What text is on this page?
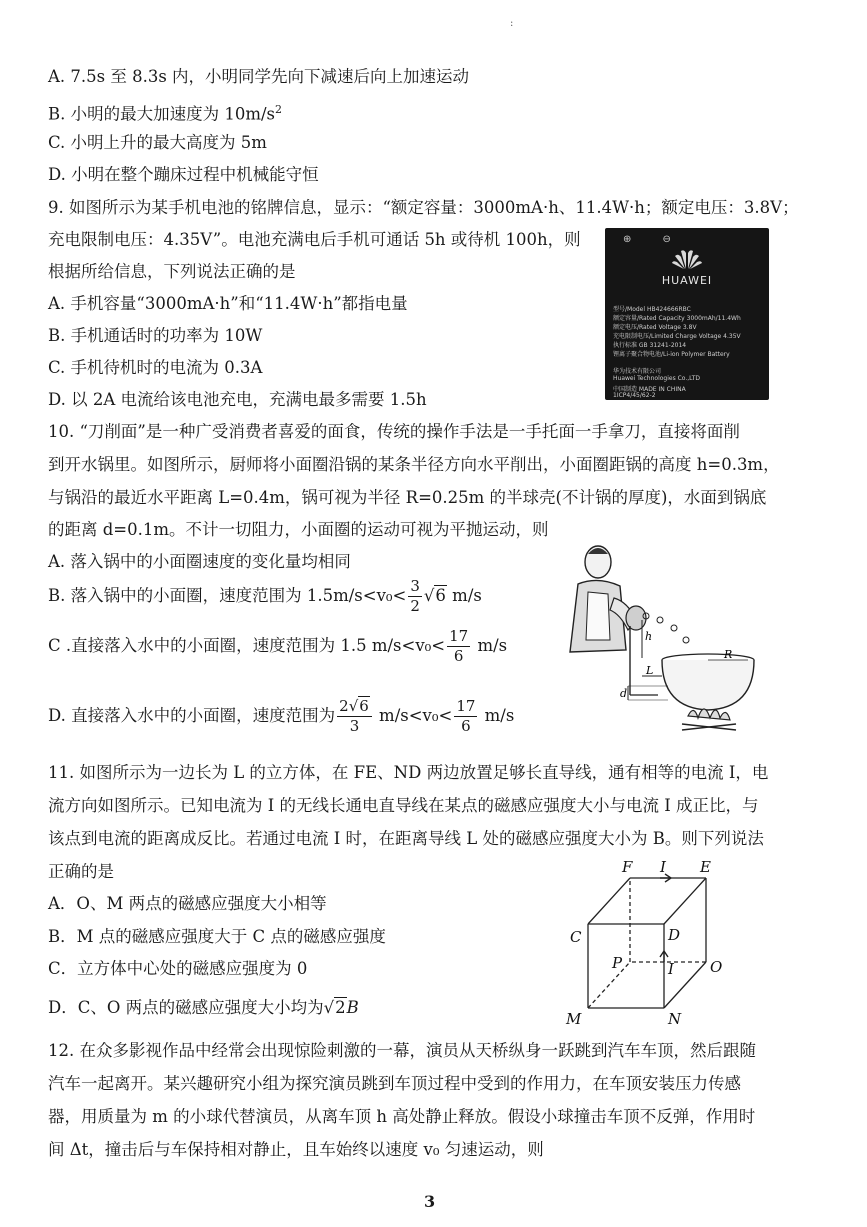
:
A. 7.5s 至 8.3s 内，小明同学先向下减速后向上加速运动
B. 小明的最大加速度为 $10m/s^2$
C. 小明上升的最大高度为 5m
D. 小明在整个蹦床过程中机械能守恒
9. 如图所示为某手机电池的铭牌信息，显示：“额定容量：3000mA·h、11.4W·h；额定电压：3.8V；
充电限制电压：4.35V”。电池充满电后手机可通话 5h 或待机 100h，则
根据所给信息，下列说法正确的是
A. 手机容量“3000mA·h”和“11.4W·h”都指电量
B. 手机通话时的功率为 10W
C. 手机待机时的电流为 0.3A
D. 以 2A 电流给该电池充电，充满电最多需要 1.5h
⊕ ⊖
HUAWEI
型号/Model HB424666RBC
额定容量/Rated Capacity 3000mAh/11.4Wh
额定电压/Rated Voltage 3.8V
充电限制电压/Limited Charge Voltage 4.35V
执行标准 GB 31241-2014
锂离子聚合物电池/Li-ion Polymer Battery
华为技术有限公司
Huawei Technologies Co.,LTD
中国制造 MADE IN CHINA
1ICP4/45/62-2
10. “刀削面”是一种广受消费者喜爱的面食，传统的操作手法是一手托面一手拿刀，直接将面削
到开水锅里。如图所示，厨师将小面圈沿锅的某条半径方向水平削出，小面圈距锅的高度 h=0.3m，
与锅沿的最近水平距离 L=0.4m，锅可视为半径 R=0.25m 的半球壳(不计锅的厚度)，水面到锅底
的距离 d=0.1m。不计一切阻力，小面圈的运动可视为平抛运动，则
A. 落入锅中的小面圈速度的变化量均相同
B. 落入锅中的小面圈，速度范围为 $1.5m/s<v_0< \frac{3}{2} √6$ m/s
C .直接落入水中的小面圈，速度范围为 1.5 $m/s<v_0< \frac{17}{6} m/s$
D. 直接落入水中的小面圈，速度范围为 $\frac{2√6}{3} m/s<v_0< \frac{17}{6} m/s$
h
R
L
d
11. 如图所示为一边长为 L 的立方体，在 FE、ND 两边放置足够长直导线，通有相等的电流 I，电
流方向如图所示。已知电流为 I 的无线长通电直导线在某点的磁感应强度大小与电流 I 成正比，与
该点到电流的距离成反比。若通过电流 I 时，在距离导线 L 处的磁感应强度大小为 B。则下列说法
正确的是
A．O、M 两点的磁感应强度大小相等
B．M 点的磁感应强度大于 C 点的磁感应强度
C．立方体中心处的磁感应强度为 0
D．C、O 两点的磁感应强度大小均为√2B
F I E
C	D
P	I O
M	N
12. 在众多影视作品中经常会出现惊险刺激的一幕，演员从天桥纵身一跃跳到汽车车顶，然后跟随
汽车一起离开。某兴趣研究小组为探究演员跳到车顶过程中受到的作用力，在车顶安装压力传感
器，用质量为 m 的小球代替演员，从离车顶 h 高处静止释放。假设小球撞击车顶不反弹，作用时
间 Δt，撞击后与车保持相对静止，且车始终以速度 v₀ 匀速运动，则
3
